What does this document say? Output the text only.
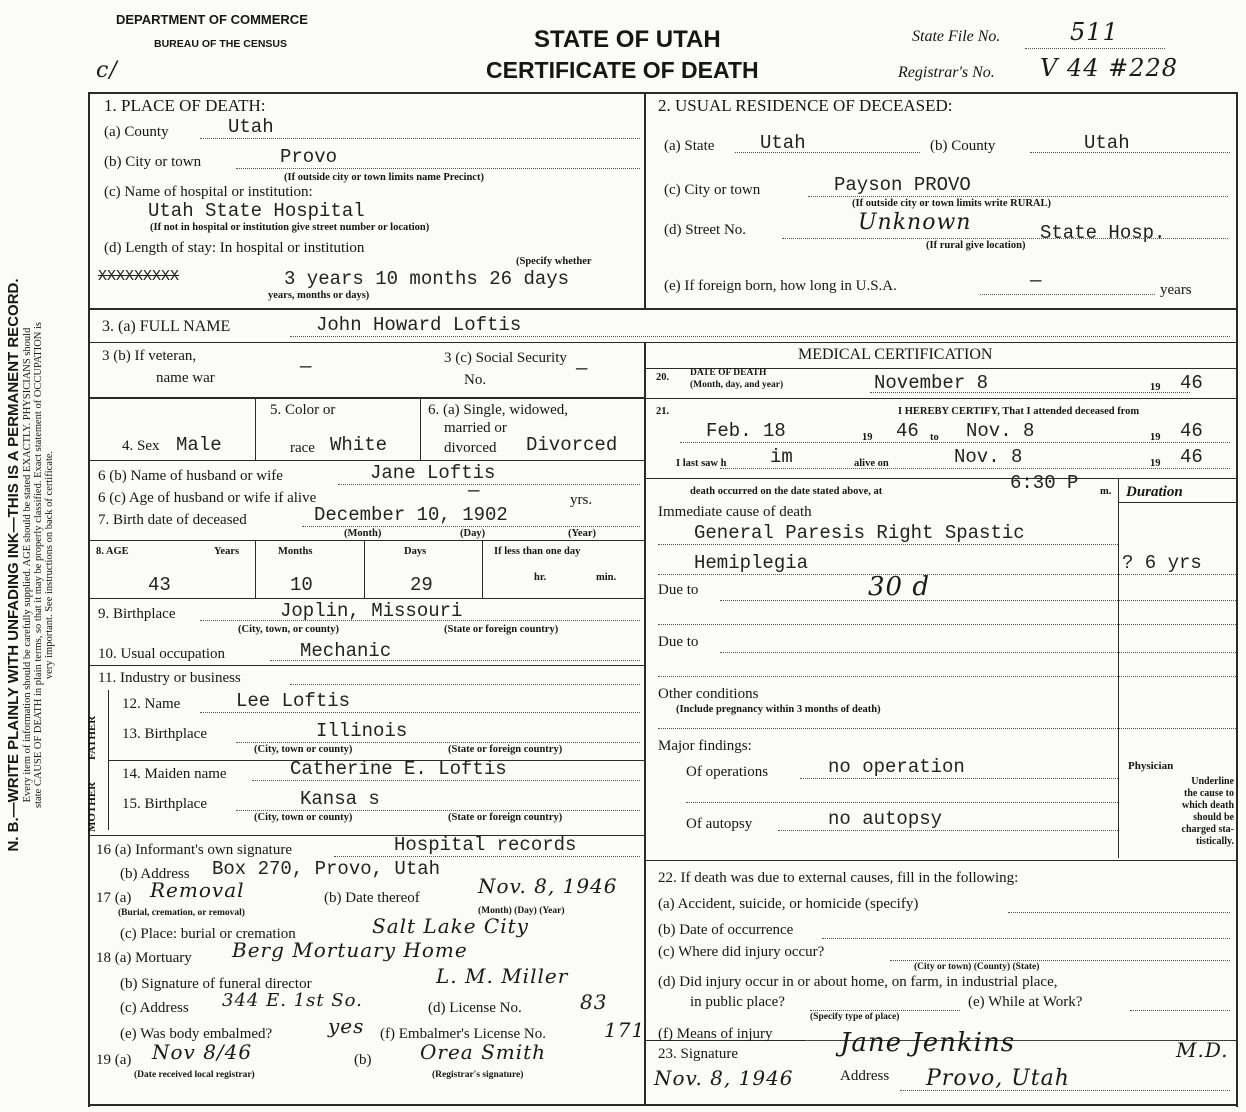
DEPARTMENT OF COMMERCE
BUREAU OF THE CENSUS	STATE OF UTAH
CERTIFICATE OF DEATH
State File No.	511
Registrar's No. V 44 #228
c/
N. B.—WRITE PLAINLY WITH UNFADING INK—THIS IS A PERMANENT RECORD. Every item of information should be carefully supplied. AGE should be stated EXACTLY. PHYSICIANS should state CAUSE OF DEATH in plain terms, so that it may be properly classified. Exact statement of OCCUPATION is very important. See instructions on back of certificate.
1. PLACE OF DEATH:
(a) County	Utah
(b) City or town	Provo
(If outside city or town limits name Precinct)
(c) Name of hospital or institution:
Utah State Hospital
(If not in hospital or institution give street number or location)
(d) Length of stay: In hospital or institution
(Specify whether
XXXXXXXXX	3 years 10 months 26 days
years, months or days)
2. USUAL RESIDENCE OF DECEASED:
(a) State Utah	(b) County	Utah
(c) City or town	Payson PROVO
(If outside city or town limits write RURAL)
(d) Street No.	Unknown	State Hosp.
(If rural give location)
(e) If foreign born, how long in U.S.A.	—	years
3. (a) FULL NAME	John Howard Loftis
3 (b) If veteran,
name war	—	3 (c) Social Security
No.	—
4. Sex Male
5. Color or
race White
6. (a) Single, widowed,
married or
divorced Divorced
6 (b) Name of husband or wife	Jane Loftis
6 (c) Age of husband or wife if alive	—	yrs.
7. Birth date of deceased	December 10, 1902
(Month)	(Day)	(Year)
8. AGE	Years	Months	Days	If less than one day
43	10	29	hr.	min.
9. Birthplace	Joplin, Missouri
(City, town, or county)	(State or foreign country)
10. Usual occupation	Mechanic
11. Industry or business
FATHER
MOTHER
12. Name	Lee Loftis
13. Birthplace	Illinois
(City, town or county)	(State or foreign country)
14. Maiden name	Catherine E. Loftis
15. Birthplace	Kansa s
(City, town or county)	(State or foreign country)
16 (a) Informant's own signature	Hospital records
(b) Address Box 270, Provo, Utah
17 (a) Removal	(b) Date thereof	Nov. 8, 1946
(Burial, cremation, or removal)	(Month) (Day) (Year)
(c) Place: burial or cremation	Salt Lake City
18 (a) Mortuary Berg Mortuary Home
(b) Signature of funeral director	L. M. Miller
(c) Address 344 E. 1st So.	(d) License No.	83
(e) Was body embalmed?	yes (f) Embalmer's License No.	171
19 (a) Nov 8/46
(Date received local registrar)
(b) Orea Smith
(Registrar's signature)
MEDICAL CERTIFICATION
20. DATE OF DEATH
(Month, day, and year)	November 8	19 46
21.	I HEREBY CERTIFY, That I attended deceased from
Feb. 18	19 46 to Nov. 8	19 46
I last saw h im	alive on	Nov. 8	19 46
death occurred on the date stated above, at	6:30 P m. Duration
Immediate cause of death
General Paresis Right Spastic
Hemiplegia	? 6 yrs
Due to	30 d
Due to
Other conditions
(Include pregnancy within 3 months of death)
Major findings:
Of operations	no operation
Of autopsy	no autopsy
Physician
Underline
the cause to
which death
should be
charged sta-
tistically.
22. If death was due to external causes, fill in the following:
(a) Accident, suicide, or homicide (specify)
(b) Date of occurrence
(c) Where did injury occur?
(City or town) (County) (State)
(d) Did injury occur in or about home, on farm, in industrial place,
in public place?	(e) While at Work?
(Specify type of place)
(f) Means of injury
23. Signature	Jane Jenkins	M.D.
Nov. 8, 1946	Address Provo, Utah
